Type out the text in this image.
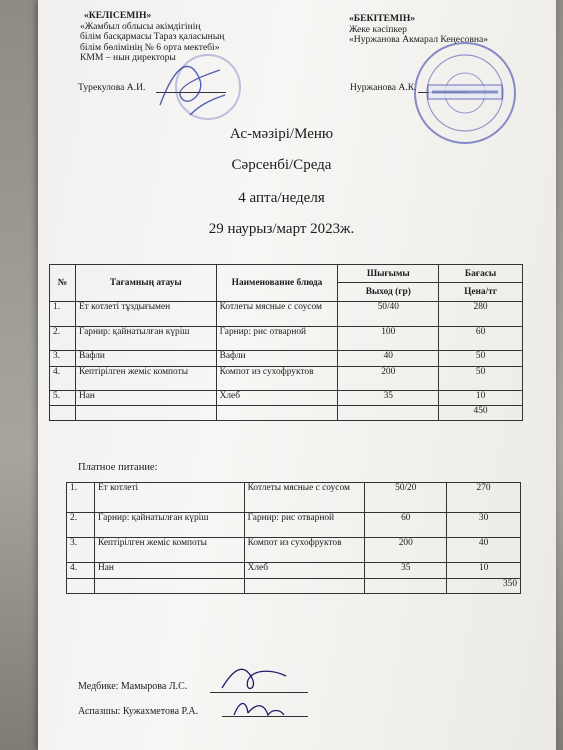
«КЕЛІСЕМІН»
«Жамбыл облысы әкімдігінің
білім басқармасы Тараз қаласының
білім бөлімінің № 6 орта мектебі»
КММ – нын директоры
Турекулова А.И.
«БЕКІТЕМІН»
Жеке кәсіпкер
«Нуржанова Акмарал Кеңесовна»
Нуржанова А.К.
Ас-мәзірі/Меню
Сәрсенбі/Среда
4 апта/неделя
29 наурыз/март 2023ж.
№	Тағамның атауы	Наименование блюда	Шығымы	Бағасы
			Выход (гр)	Цена/тг
1.	Ет котлеті тұздығымен	Котлеты мясные с соусом	50/40	280
2.	Гарнир: қайнатылған күріш	Гарнир: рис отварной	100	60
3.	Вафли	Вафли	40	50
4.	Кептірілген жеміс компоты	Компот из сухофруктов	200	50
5.	Нан	Хлеб	35	10
				450
Платное питание:
1.	Ет котлеті	Котлеты мясные с соусом	50/20	270
2.	Гарнир: қайнатылған күріш	Гарнир: рис отварной	60	30
3.	Кептірілген жеміс компоты	Компот из сухофруктов	200	40
4.	Нан	Хлеб	35	10
				350
Медбике: Мамырова Л.С.
Аспазшы: Кужахметова Р.А.
